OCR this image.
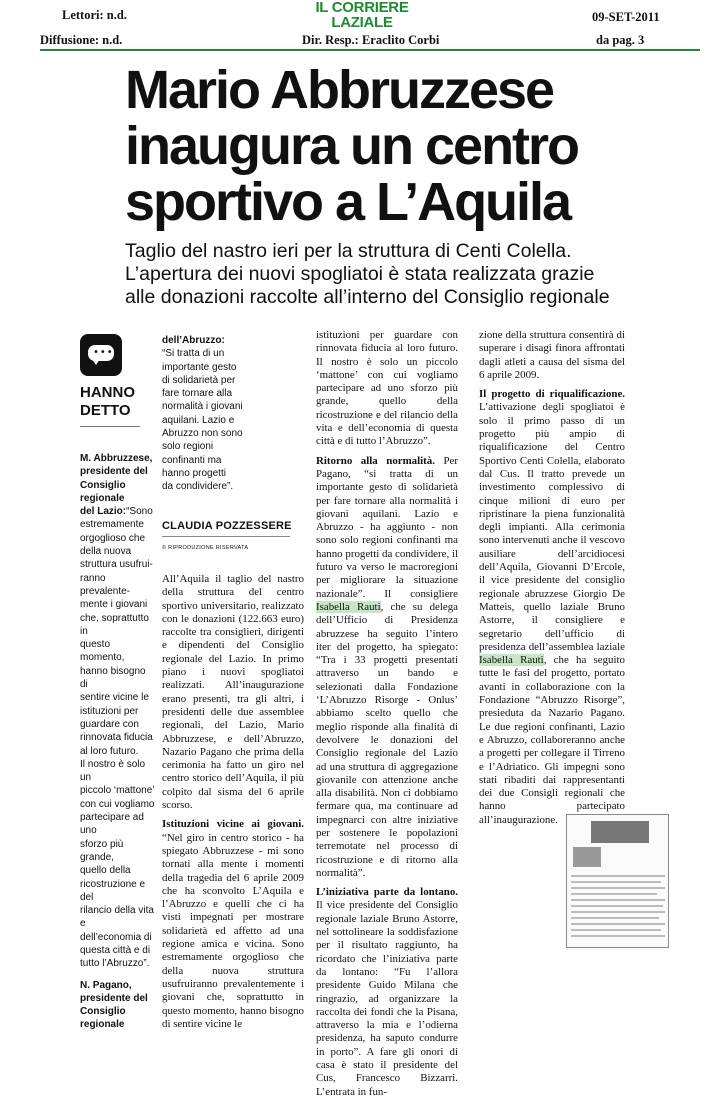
Lettori: n.d.
Diffusione: n.d.
IL CORRIERE
LAZIALE
Dir. Resp.: Eraclito Corbi
09-SET-2011
da pag. 3
Mario Abbruzzese
inaugura un centro
sportivo a L’Aquila
Taglio del nastro ieri per la struttura di Centi Colella.
L’apertura dei nuovi spogliatoi è stata realizzata grazie
alle donazioni raccolte all’interno del Consiglio regionale
•••
HANNO
DETTO
M. Abbruzzese,
presidente del
Consiglio
regionale
del Lazio:“Sono
estremamente
orgoglioso che
della nuova
struttura usufrui-
ranno prevalente-
mente i giovani
che, soprattutto in
questo momento,
hanno bisogno di
sentire vicine le
istituzioni per
guardare con
rinnovata fiducia
al loro futuro.
Il nostro è solo un
piccolo ‘mattone’
con cui vogliamo
partecipare ad uno
sforzo più grande,
quello della
ricostruzione e del
rilancio della vita e
dell’economia di
questa città e di
tutto l’Abruzzo”.
N. Pagano,
presidente del
Consiglio
regionale
dell’Abruzzo:
“Si tratta di un
importante gesto
di solidarietà per
fare tornare alla
normalità i giovani
aquilani. Lazio e
Abruzzo non sono
solo regioni
confinanti ma
hanno progetti
da condividere”.
CLAUDIA POZZESSERE
© RIPRODUZIONE RISERVATA
All’Aquila il taglio del nastro della struttura del centro sportivo universitario, realizzato con le donazioni (122.663 euro) raccolte tra consiglieri, dirigenti e dipendenti del Consiglio regionale del Lazio. In primo piano i nuovi spogliatoi realizzati. All’inaugurazione erano presenti, tra gli altri, i presidenti delle due assemblee regionali, del Lazio, Mario Abbruzzese, e dell’Abruzzo, Nazario Pagano che prima della cerimonia ha fatto un giro nel centro storico dell’Aquila, il più colpito dal sisma del 6 aprile scorso.
Istituzioni vicine ai giovani. “Nel giro in centro storico - ha spiegato Abbruzzese - mi sono tornati alla mente i momenti della tragedia del 6 aprile 2009 che ha sconvolto L’Aquila e l’Abruzzo e quelli che ci ha visti impegnati per mostrare solidarietà ed affetto ad una regione amica e vicina. Sono estremamente orgoglioso che della nuova struttura usufruiranno prevalentemente i giovani che, soprattutto in questo momento, hanno bisogno di sentire vicine le
istituzioni per guardare con rinnovata fiducia al loro futuro. Il nostro è solo un piccolo ‘mattone’ con cui vogliamo partecipare ad uno sforzo più grande, quello della ricostruzione e del rilancio della vita e dell’economia di questa città e di tutto l’Abruzzo”.
Ritorno alla normalità. Per Pagano, “si tratta di un importante gesto di solidarietà per fare tornare alla normalità i giovani aquilani. Lazio e Abruzzo - ha aggiunto - non sono solo regioni confinanti ma hanno progetti da condividere, il futuro va verso le macroregioni per migliorare la situazione nazionale”. Il consigliere Isabella Rauti, che su delega dell’Ufficio di Presidenza abruzzese ha seguito l’intero iter del progetto, ha spiegato: “Tra i 33 progetti presentati attraverso un bando e selezionati dalla Fondazione ‘L’Abruzzo Risorge - Onlus’ abbiamo scelto quello che meglio risponde alla finalità di devolvere le donazioni del Consiglio regionale del Lazio ad una struttura di aggregazione giovanile con attenzione anche alla disabilità. Non ci dobbiamo fermare qua, ma continuare ad impegnarci con altre iniziative per sostenere le popolazioni terremotate nel processo di ricostruzione e di ritorno alla normalità”.
L’iniziativa parte da lontano. Il vice presidente del Consiglio regionale laziale Bruno Astorre, nel sottolineare la soddisfazione per il risultato raggiunto, ha ricordato che l’iniziativa parte da lontano: “Fu l’allora presidente Guido Milana che ringrazio, ad organizzare la raccolta dei fondi che la Pisana, attraverso la mia e l’odierna presidenza, ha saputo condurre in porto”. A fare gli onori di casa è stato il presidente del Cus, Francesco Bizzarri. L’entrata in fun-
zione della struttura consentirà di superare i disagi finora affrontati dagli atleti a causa del sisma del 6 aprile 2009.
Il progetto di riqualificazione. L’attivazione degli spogliatoi è solo il primo passo di un progetto più ampio di riqualificazione del Centro Sportivo Centi Colella, elaborato dal Cus. Il tratto prevede un investimento complessivo di cinque milioni di euro per ripristinare la piena funzionalità degli impianti. Alla cerimonia sono intervenuti anche il vescovo ausiliare dell’arcidiocesi dell’Aquila, Giovanni D’Ercole, il vice presidente del consiglio regionale abruzzese Giorgio De Matteis, quello laziale Bruno Astorre, il consigliere e segretario dell’ufficio di presidenza dell’assemblea laziale Isabella Rauti, che ha seguito tutte le fasi del progetto, portato avanti in collaborazione con la Fondazione “Abruzzo Risorge”, presieduta da Nazario Pagano. Le due regioni confinanti, Lazio e Abruzzo, collaboreranno anche a progetti per collegare il Tirreno e l’Adriatico. Gli impegni sono stati ribaditi dai rappresentanti dei due Consigli regionali che hanno partecipato all’inaugurazione.
